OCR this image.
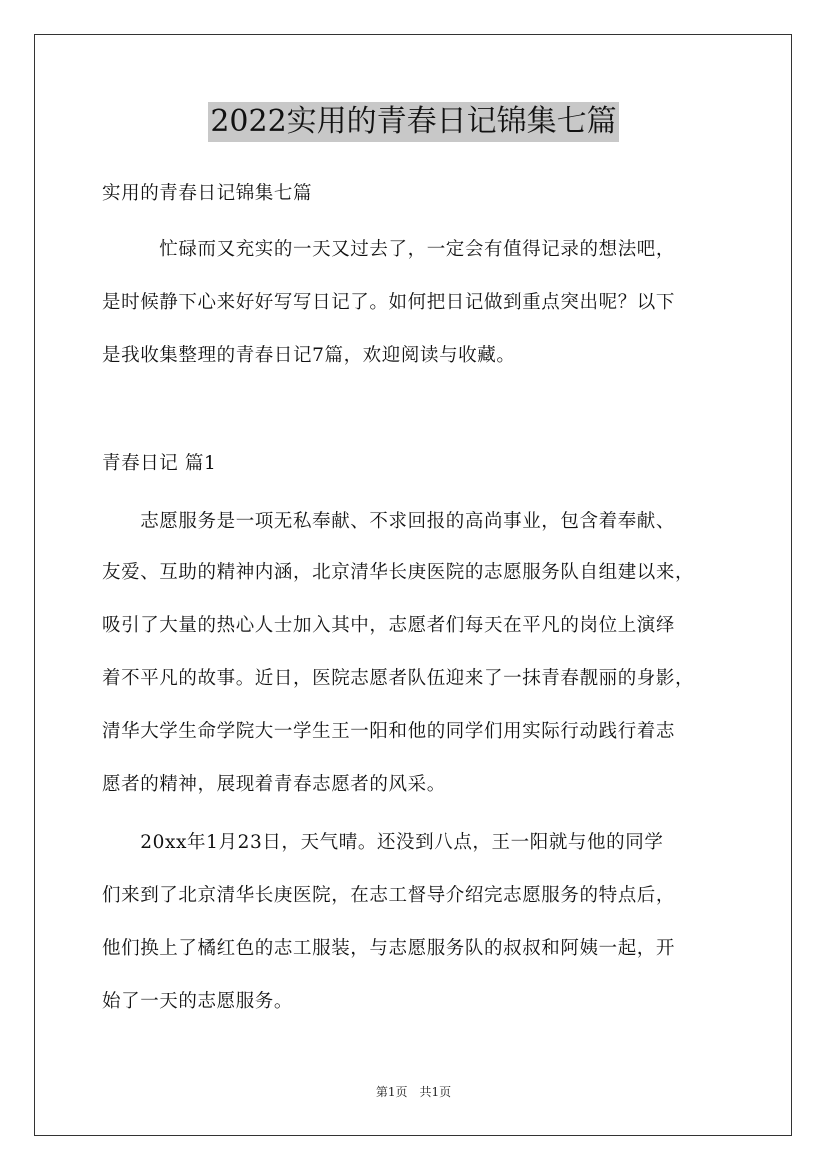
2022实用的青春日记锦集七篇
实用的青春日记锦集七篇
　　　忙碌而又充实的一天又过去了，一定会有值得记录的想法吧，
是时候静下心来好好写写日记了。如何把日记做到重点突出呢？以下
是我收集整理的青春日记7篇，欢迎阅读与收藏。
青春日记 篇1
　　志愿服务是一项无私奉献、不求回报的高尚事业，包含着奉献、
友爱、互助的精神内涵，北京清华长庚医院的志愿服务队自组建以来，
吸引了大量的热心人士加入其中，志愿者们每天在平凡的岗位上演绎
着不平凡的故事。近日，医院志愿者队伍迎来了一抹青春靓丽的身影，
清华大学生命学院大一学生王一阳和他的同学们用实际行动践行着志
愿者的精神，展现着青春志愿者的风采。
　　20xx年1月23日，天气晴。还没到八点，王一阳就与他的同学
们来到了北京清华长庚医院，在志工督导介绍完志愿服务的特点后，
他们换上了橘红色的志工服装，与志愿服务队的叔叔和阿姨一起，开
始了一天的志愿服务。
第1页　共1页
